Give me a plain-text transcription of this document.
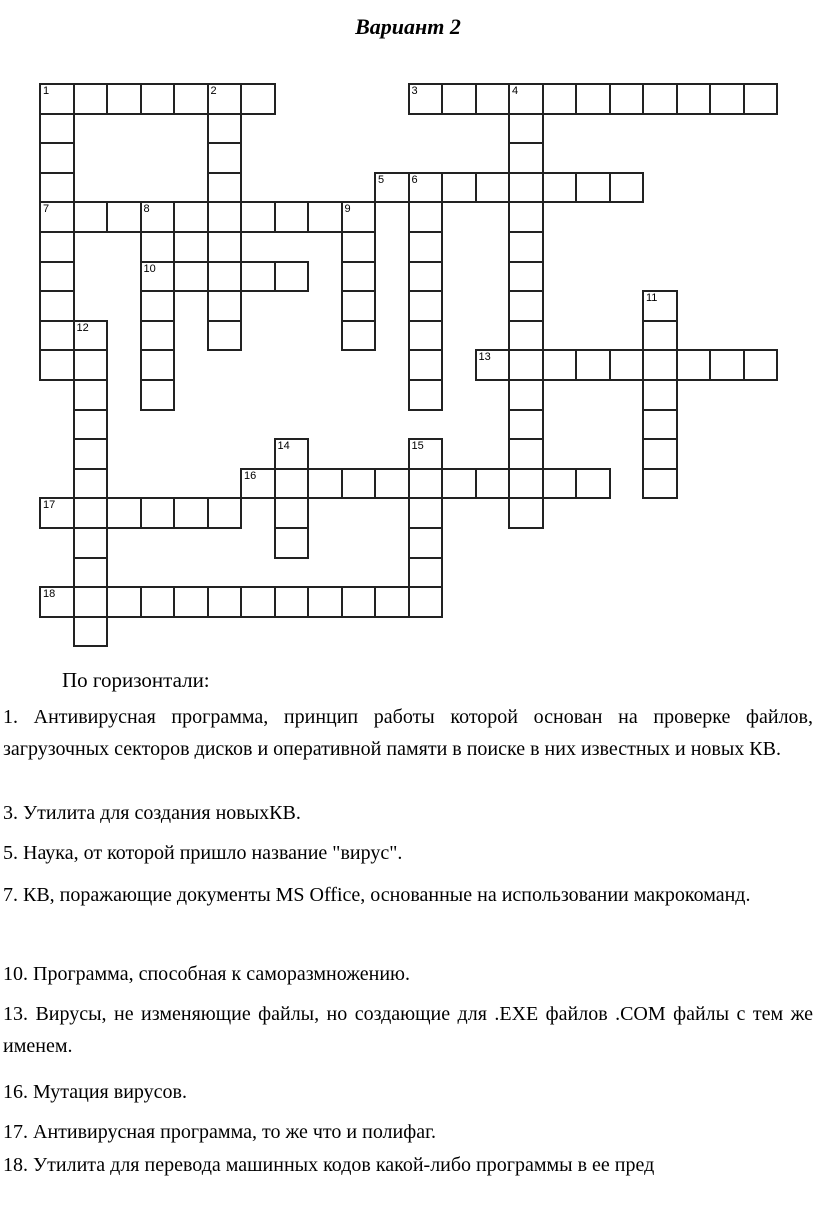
Вариант 2
1	2
7
3	4
5 6
8	9
10
11
12
13
14	15
16
17
18
По горизонтали:
1. Антивирусная программа, принцип работы которой основан на проверке файлов, загрузочных секторов дисков и оперативной памяти в поиске в них известных и новых КВ.
3. Утилита для создания новыхКВ.
5. Наука, от которой пришло название "вирус".
7. КВ, поражающие документы MS Office, основанные на использовании макрокоманд.
10. Программа, способная к саморазмножению.
13. Вирусы, не изменяющие файлы, но создающие для .EXE файлов .COM файлы с тем же именем.
16. Мутация вирусов.
17. Антивирусная программа, то же что и полифаг.
18. Утилита для перевода машинных кодов какой-либо программы в ее пред
